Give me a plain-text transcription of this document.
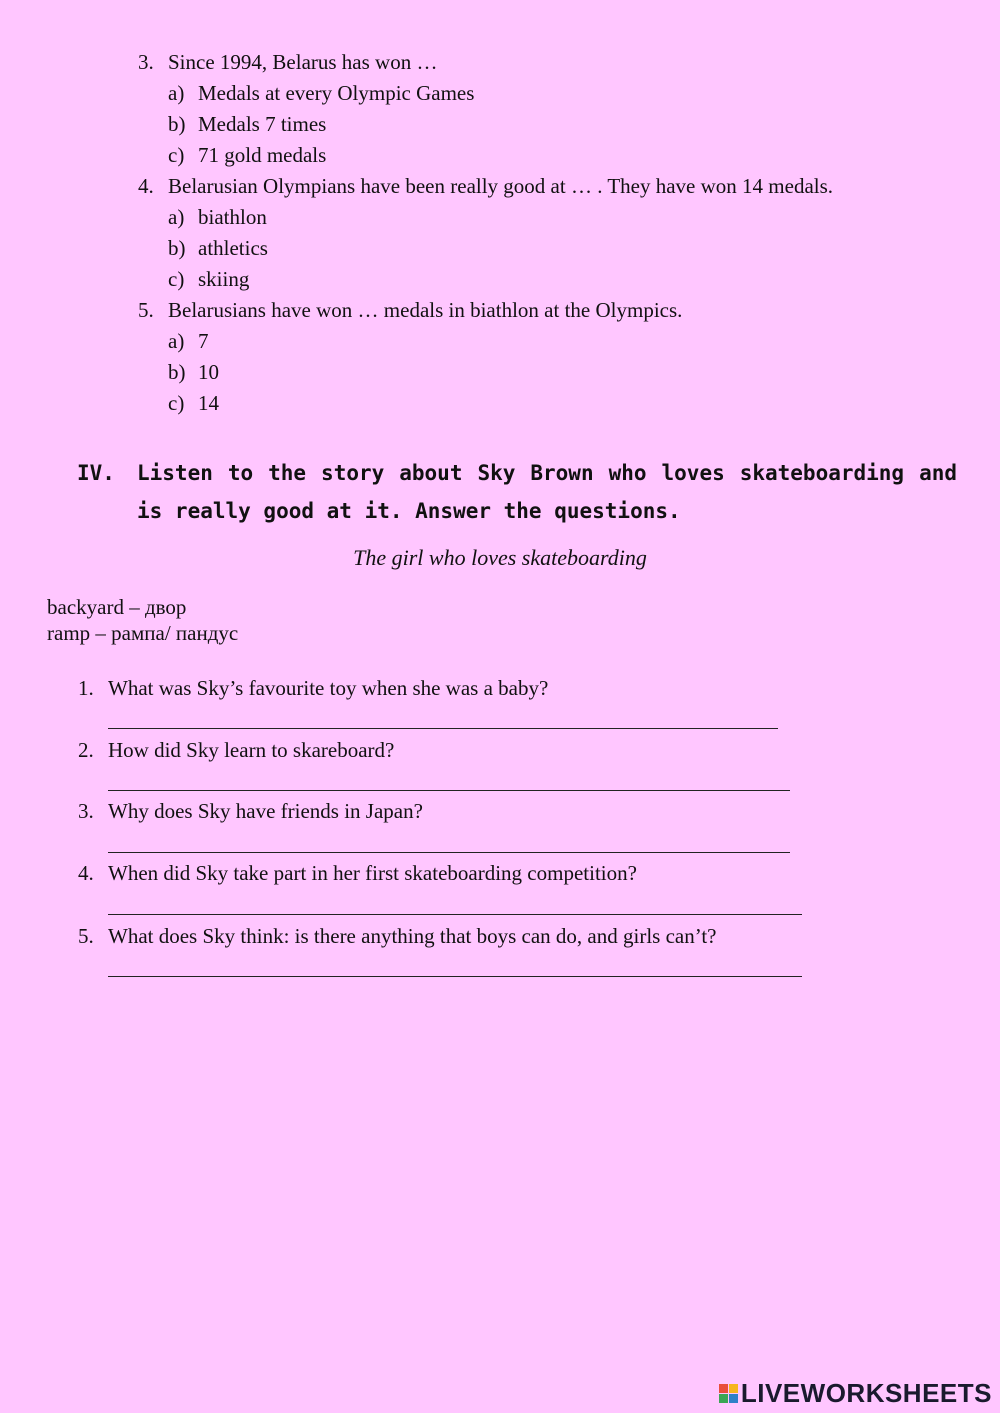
3. Since 1994, Belarus has won …
a) Medals at every Olympic Games
b) Medals 7 times
c) 71 gold medals
4. Belarusian Olympians have been really good at … . They have won 14 medals.
a) biathlon
b) athletics
c) skiing
5. Belarusians have won … medals in biathlon at the Olympics.
a) 7
b) 10
c) 14
IV. Listen to the story about Sky Brown who loves skateboarding and is really good at it. Answer the questions.
The girl who loves skateboarding
backyard – двор
ramp – рампа/ пандус
1. What was Sky’s favourite toy when she was a baby?
2. How did Sky learn to skareboard?
3. Why does Sky have friends in Japan?
4. When did Sky take part in her first skateboarding competition?
5. What does Sky think: is there anything that boys can do, and girls can’t?
LIVEWORKSHEETS
